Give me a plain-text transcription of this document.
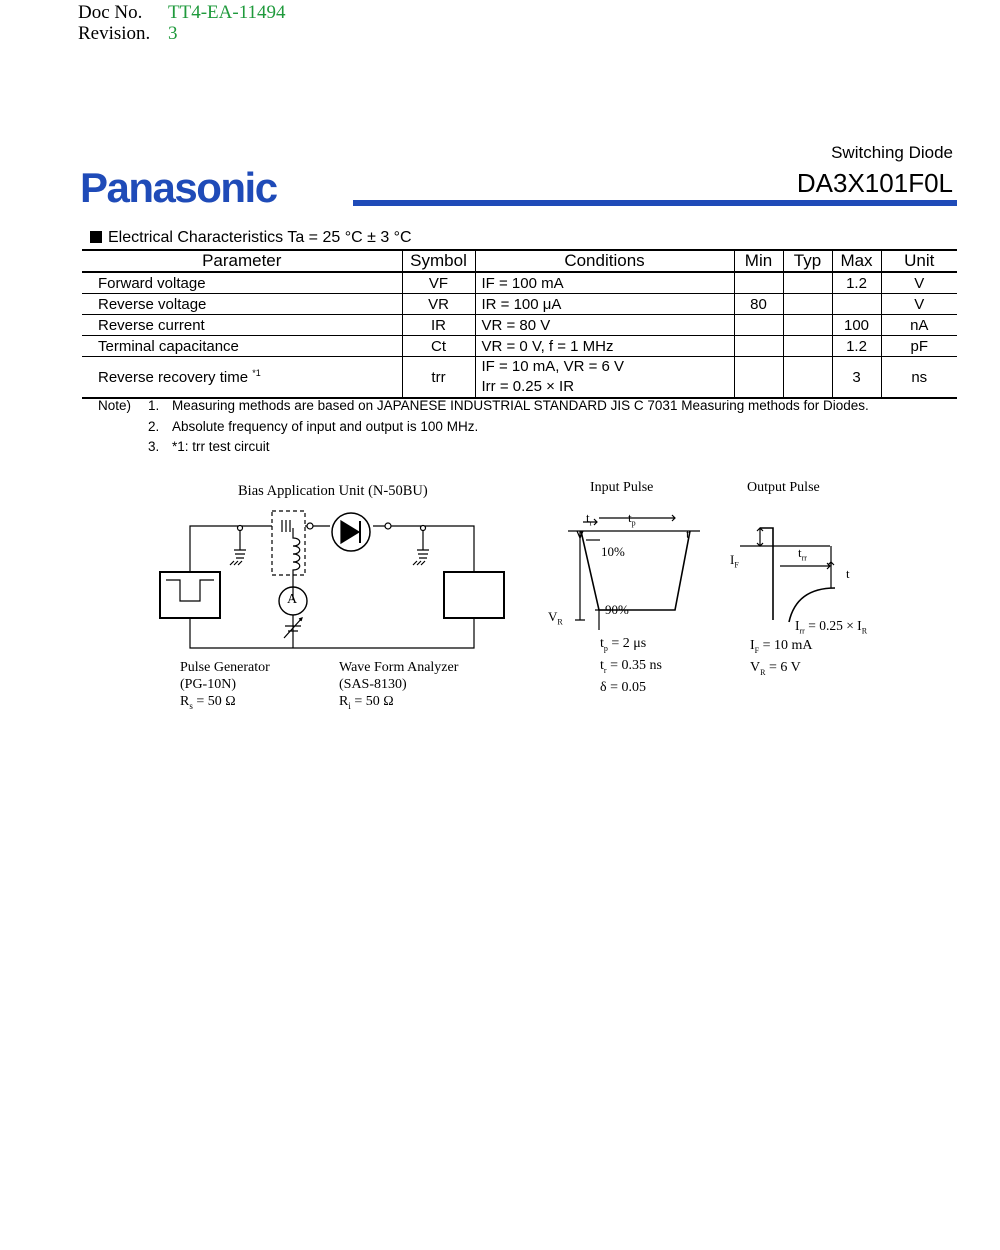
Doc No. TT4-EA-11494
Revision. 3
Switching Diode
Panasonic	DA3X101F0L
Electrical Characteristics Ta = 25 °C ± 3 °C
Parameter	Symbol	Conditions	Min	Typ	Max	Unit
Forward voltage	VF	IF = 100 mA			1.2	V
Reverse voltage	VR	IR = 100 μA	80			V
Reverse current	IR	VR = 80 V			100	nA
Terminal capacitance	Ct	VR = 0 V, f = 1 MHz			1.2	pF
Reverse recovery time $^{*1}$	trr	IF = 10 mA, VR = 6 V
Irr = 0.25 × IR			3	ns
Note) 1. Measuring methods are based on JAPANESE INDUSTRIAL STANDARD JIS C 7031 Measuring methods for Diodes.
2. Absolute frequency of input and output is 100 MHz.
3. *1: trr test circuit
Bias Application Unit (N-50BU)
A
Pulse Generator
(PG-10N)
$R_s = 50$ Ω
Wave Form Analyzer
(SAS-8130)
$R_i = 50$ Ω
Input Pulse
$t_r$	$t_p$
t
10%
90%
$V_R$
$t_p = 2$ μs
$t_r = 0.35$ ns
δ = 0.05
Output Pulse
$I_F$
$t_{rr}$
t
$I_{rr} = 0.25 \times I_R$
$I_F = 10$ mA
$V_R = 6$ V
